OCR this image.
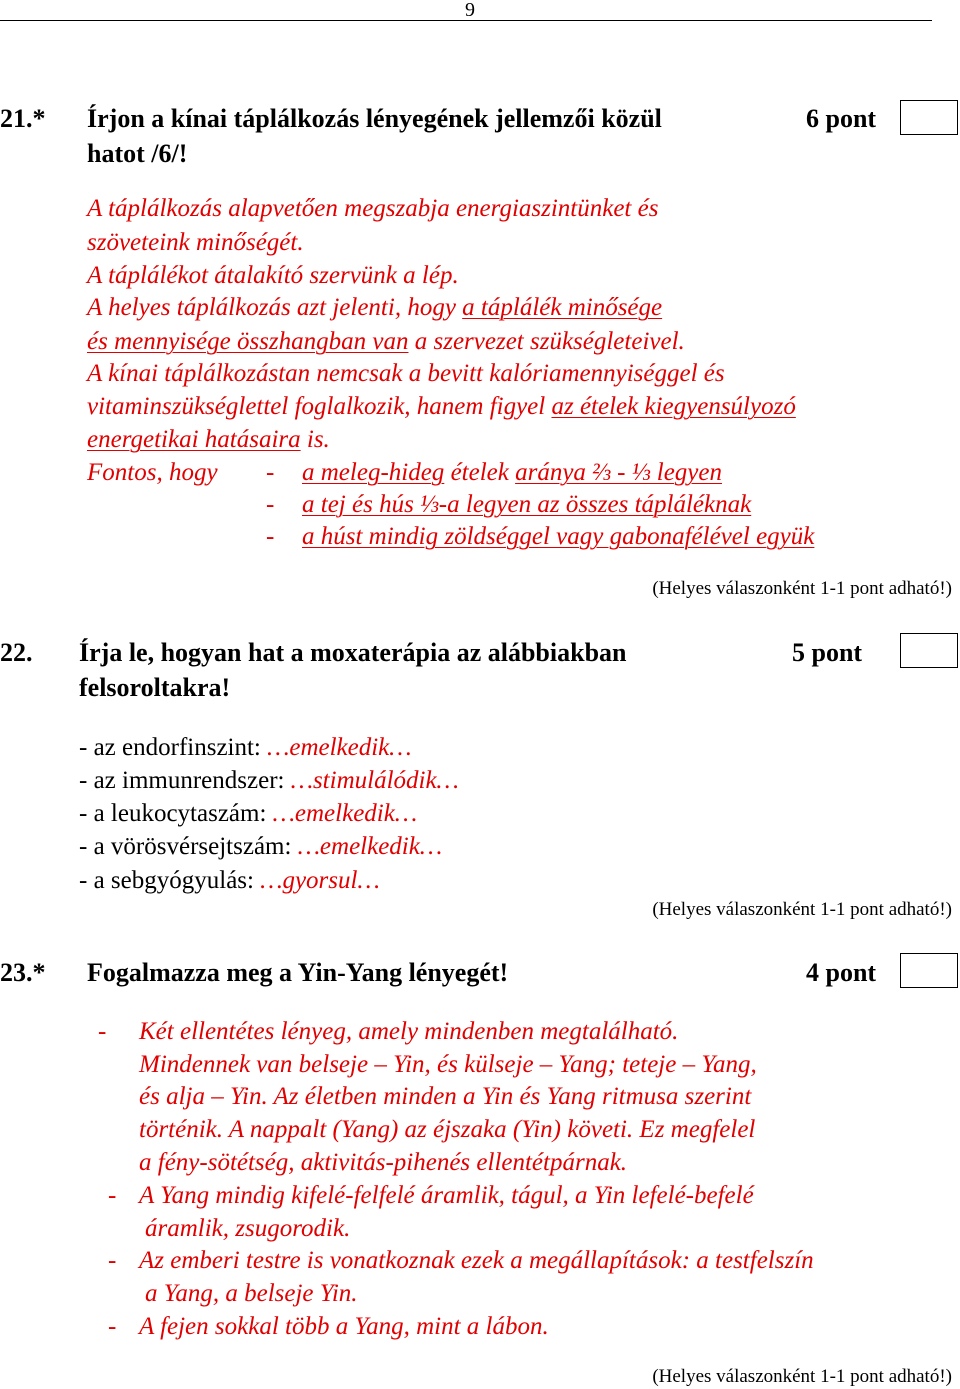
9
21.* Írjon a kínai táplálkozás lényegének jellemzői közül
hatot /6/!
6 pont
A táplálkozás alapvetően megszabja energiaszintünket és
szöveteink minőségét.
A táplálékot átalakító szervünk a lép.
A helyes táplálkozás azt jelenti, hogy a táplálék minősége
és mennyisége összhangban van a szervezet szükségleteivel.
A kínai táplálkozástan nemcsak a bevitt kalóriamennyiséggel és
vitaminszükséglettel foglalkozik, hanem figyel az ételek kiegyensúlyozó
energetikai hatásaira is.
Fontos, hogy - a meleg-hideg ételek aránya ⅔ - ⅓ legyen
- a tej és hús ⅓-a legyen az összes tápláléknak
- a húst mindig zöldséggel vagy gabonafélével együk
(Helyes válaszonként 1-1 pont adható!)
22. Írja le, hogyan hat a moxaterápia az alábbiakban
felsoroltakra!
5 pont
- az endorfinszint: …emelkedik…
- az immunrendszer: …stimulálódik…
- a leukocytaszám: …emelkedik…
- a vörösvérsejtszám: …emelkedik…
- a sebgyógyulás: …gyorsul…
(Helyes válaszonként 1-1 pont adható!)
23.* Fogalmazza meg a Yin-Yang lényegét!	4 pont
- Két ellentétes lényeg, amely mindenben megtalálható.
Mindennek van belseje – Yin, és külseje – Yang; teteje – Yang,
és alja – Yin. Az életben minden a Yin és Yang ritmusa szerint
történik. A nappalt (Yang) az éjszaka (Yin) követi. Ez megfelel
a fény-sötétség, aktivitás-pihenés ellentétpárnak.
- A Yang mindig kifelé-felfelé áramlik, tágul, a Yin lefelé-befelé
áramlik, zsugorodik.
- Az emberi testre is vonatkoznak ezek a megállapítások: a testfelszín
a Yang, a belseje Yin.
- A fejen sokkal több a Yang, mint a lábon.
(Helyes válaszonként 1-1 pont adható!)
